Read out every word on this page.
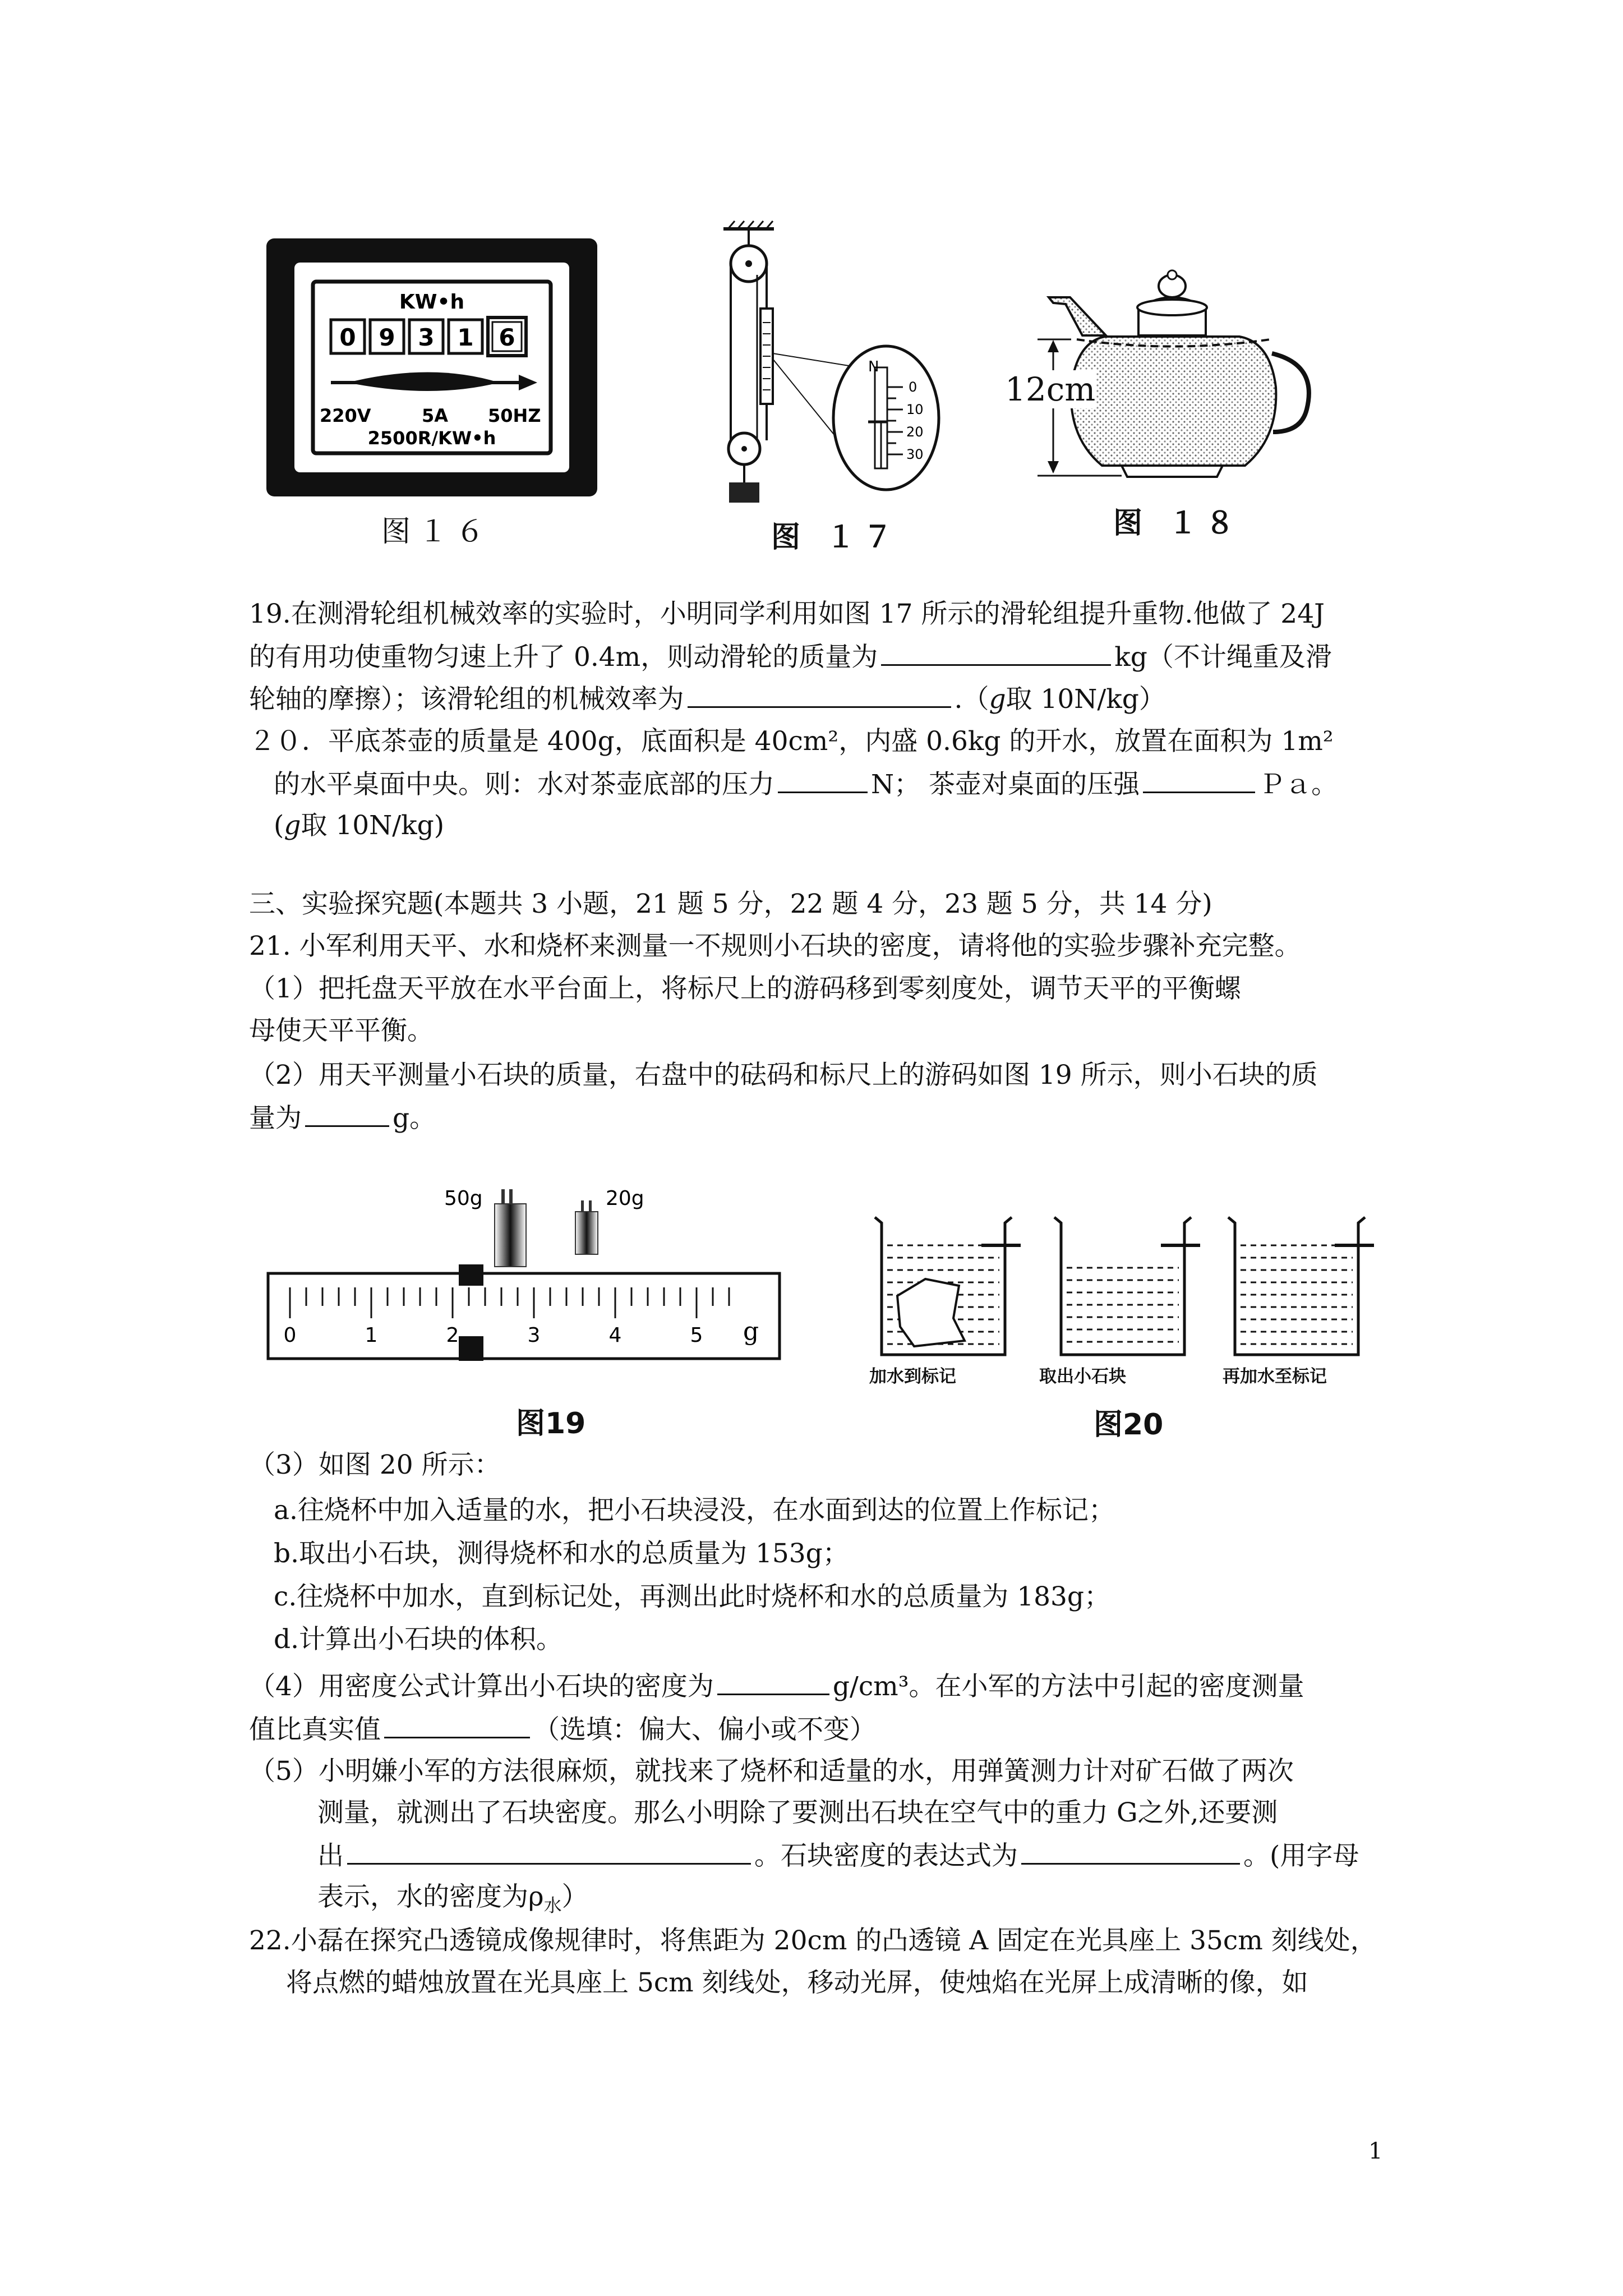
KW•h
0 9 3 1 6
220V	5A 50HZ
2500R/KW•h
图１６
N
0
10
20
30
图 １７
12cm
图 １８
19.在测滑轮组机械效率的实验时，小明同学利用如图 17 所示的滑轮组提升重物.他做了 24J
的有用功使重物匀速上升了 0.4m，则动滑轮的质量为	kg（不计绳重及滑
轮轴的摩擦）；该滑轮组的机械效率为	.（g取 10N/kg）
２０．平底茶壶的质量是 400g，底面积是 40cm²，内盛 0.6kg 的开水，放置在面积为 1m²
的水平桌面中央。则：水对茶壶底部的压力	N； 茶壶对桌面的压强	Ｐａ。
(g取 10N/kg)
三、实验探究题(本题共 3 小题，21 题 5 分，22 题 4 分，23 题 5 分，共 14 分)
21. 小军利用天平、水和烧杯来测量一不规则小石块的密度，请将他的实验步骤补充完整。
（1）把托盘天平放在水平台面上，将标尺上的游码移到零刻度处，调节天平的平衡螺
母使天平平衡。
（2）用天平测量小石块的质量，右盘中的砝码和标尺上的游码如图 19 所示，则小石块的质
量为	g。
50g	20g
0	1	2	3	4	5 g
图19
加水到标记	取出小石块	再加水至标记
图20
（3）如图 20 所示：
a.往烧杯中加入适量的水，把小石块浸没，在水面到达的位置上作标记；
b.取出小石块，测得烧杯和水的总质量为 153g；
c.往烧杯中加水，直到标记处，再测出此时烧杯和水的总质量为 183g；
d.计算出小石块的体积。
（4）用密度公式计算出小石块的密度为	g/cm³。在小军的方法中引起的密度测量
值比真实值	（选填：偏大、偏小或不变）
（5）小明嫌小军的方法很麻烦，就找来了烧杯和适量的水，用弹簧测力计对矿石做了两次
测量，就测出了石块密度。那么小明除了要测出石块在空气中的重力 G之外,还要测
出	。石块密度的表达式为	。(用字母
表示，水的密度为$\rho_水$）
22.小磊在探究凸透镜成像规律时，将焦距为 20cm 的凸透镜 A 固定在光具座上 35cm 刻线处，
将点燃的蜡烛放置在光具座上 5cm 刻线处，移动光屏，使烛焰在光屏上成清晰的像，如
1
